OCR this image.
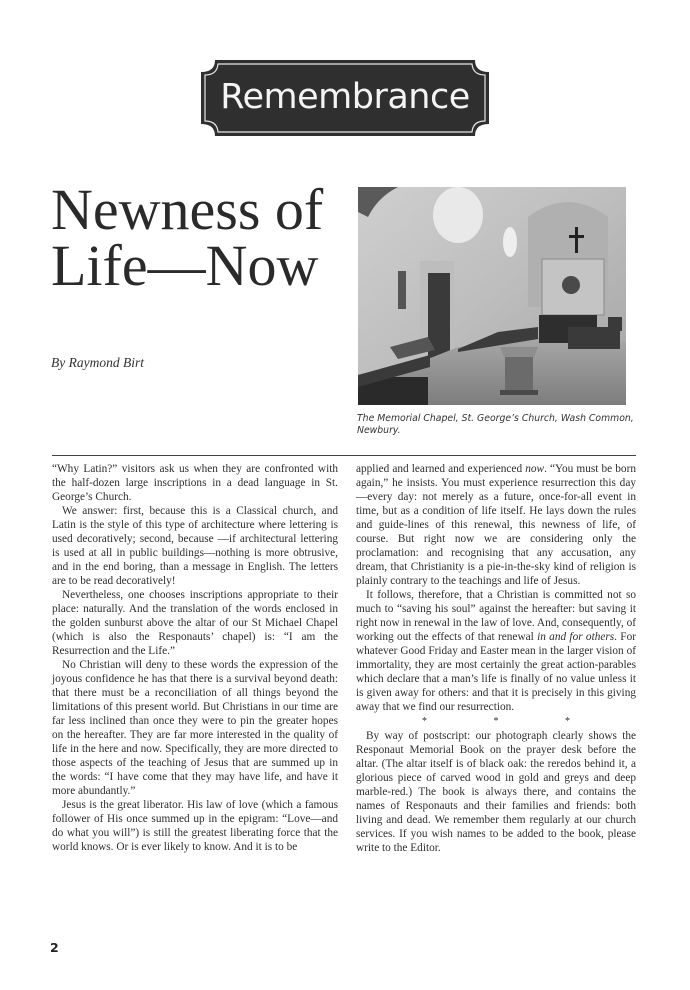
Remembrance
Newness of
Life—Now
By Raymond Birt
The Memorial Chapel, St. George’s Church, Wash Common, Newbury.

“Why Latin?” visitors ask us when they are confronted with the half-dozen large inscriptions in a dead language in St. George’s Church.

We answer: first, because this is a Classical church, and Latin is the style of this type of architecture where lettering is used decoratively; second, because —if architectural lettering is used at all in public buildings—nothing is more obtrusive, and in the end boring, than a message in English. The letters are to be read decoratively!

Nevertheless, one chooses inscriptions appropriate to their place: naturally. And the translation of the words enclosed in the golden sunburst above the altar of our St Michael Chapel (which is also the Responauts’ chapel) is: “I am the Resurrection and the Life.”

No Christian will deny to these words the expression of the joyous confidence he has that there is a survival beyond death: that there must be a reconciliation of all things beyond the limitations of this present world. But Christians in our time are far less inclined than once they were to pin the greater hopes on the hereafter. They are far more interested in the quality of life in the here and now. Specifically, they are more directed to those aspects of the teaching of Jesus that are summed up in the words: “I have come that they may have life, and have it more abundantly.”

Jesus is the great liberator. His law of love (which a famous follower of His once summed up in the epigram: “Love—and do what you will”) is still the greatest liberating force that the world knows. Or is ever likely to know. And it is to be

applied and learned and experienced now. “You must be born again,” he insists. You must experience resurrection this day—every day: not merely as a future, once-for-all event in time, but as a condition of life itself. He lays down the rules and guide-lines of this renewal, this newness of life, of course. But right now we are considering only the proclamation: and recognising that any accusation, any dream, that Christianity is a pie-in-the-sky kind of religion is plainly contrary to the teachings and life of Jesus.

It follows, therefore, that a Christian is committed not so much to “saving his soul” against the hereafter: but saving it right now in renewal in the law of love. And, consequently, of working out the effects of that renewal in and for others. For whatever Good Friday and Easter mean in the larger vision of immortality, they are most certainly the great action-parables which declare that a man’s life is finally of no value unless it is given away for others: and that it is precisely in this giving away that we find our resurrection.

* * *

By way of postscript: our photograph clearly shows the Responaut Memorial Book on the prayer desk before the altar. (The altar itself is of black oak: the reredos behind it, a glorious piece of carved wood in gold and greys and deep marble-red.) The book is always there, and contains the names of Responauts and their families and friends: both living and dead. We remember them regularly at our church services. If you wish names to be added to the book, please write to the Editor.

2
